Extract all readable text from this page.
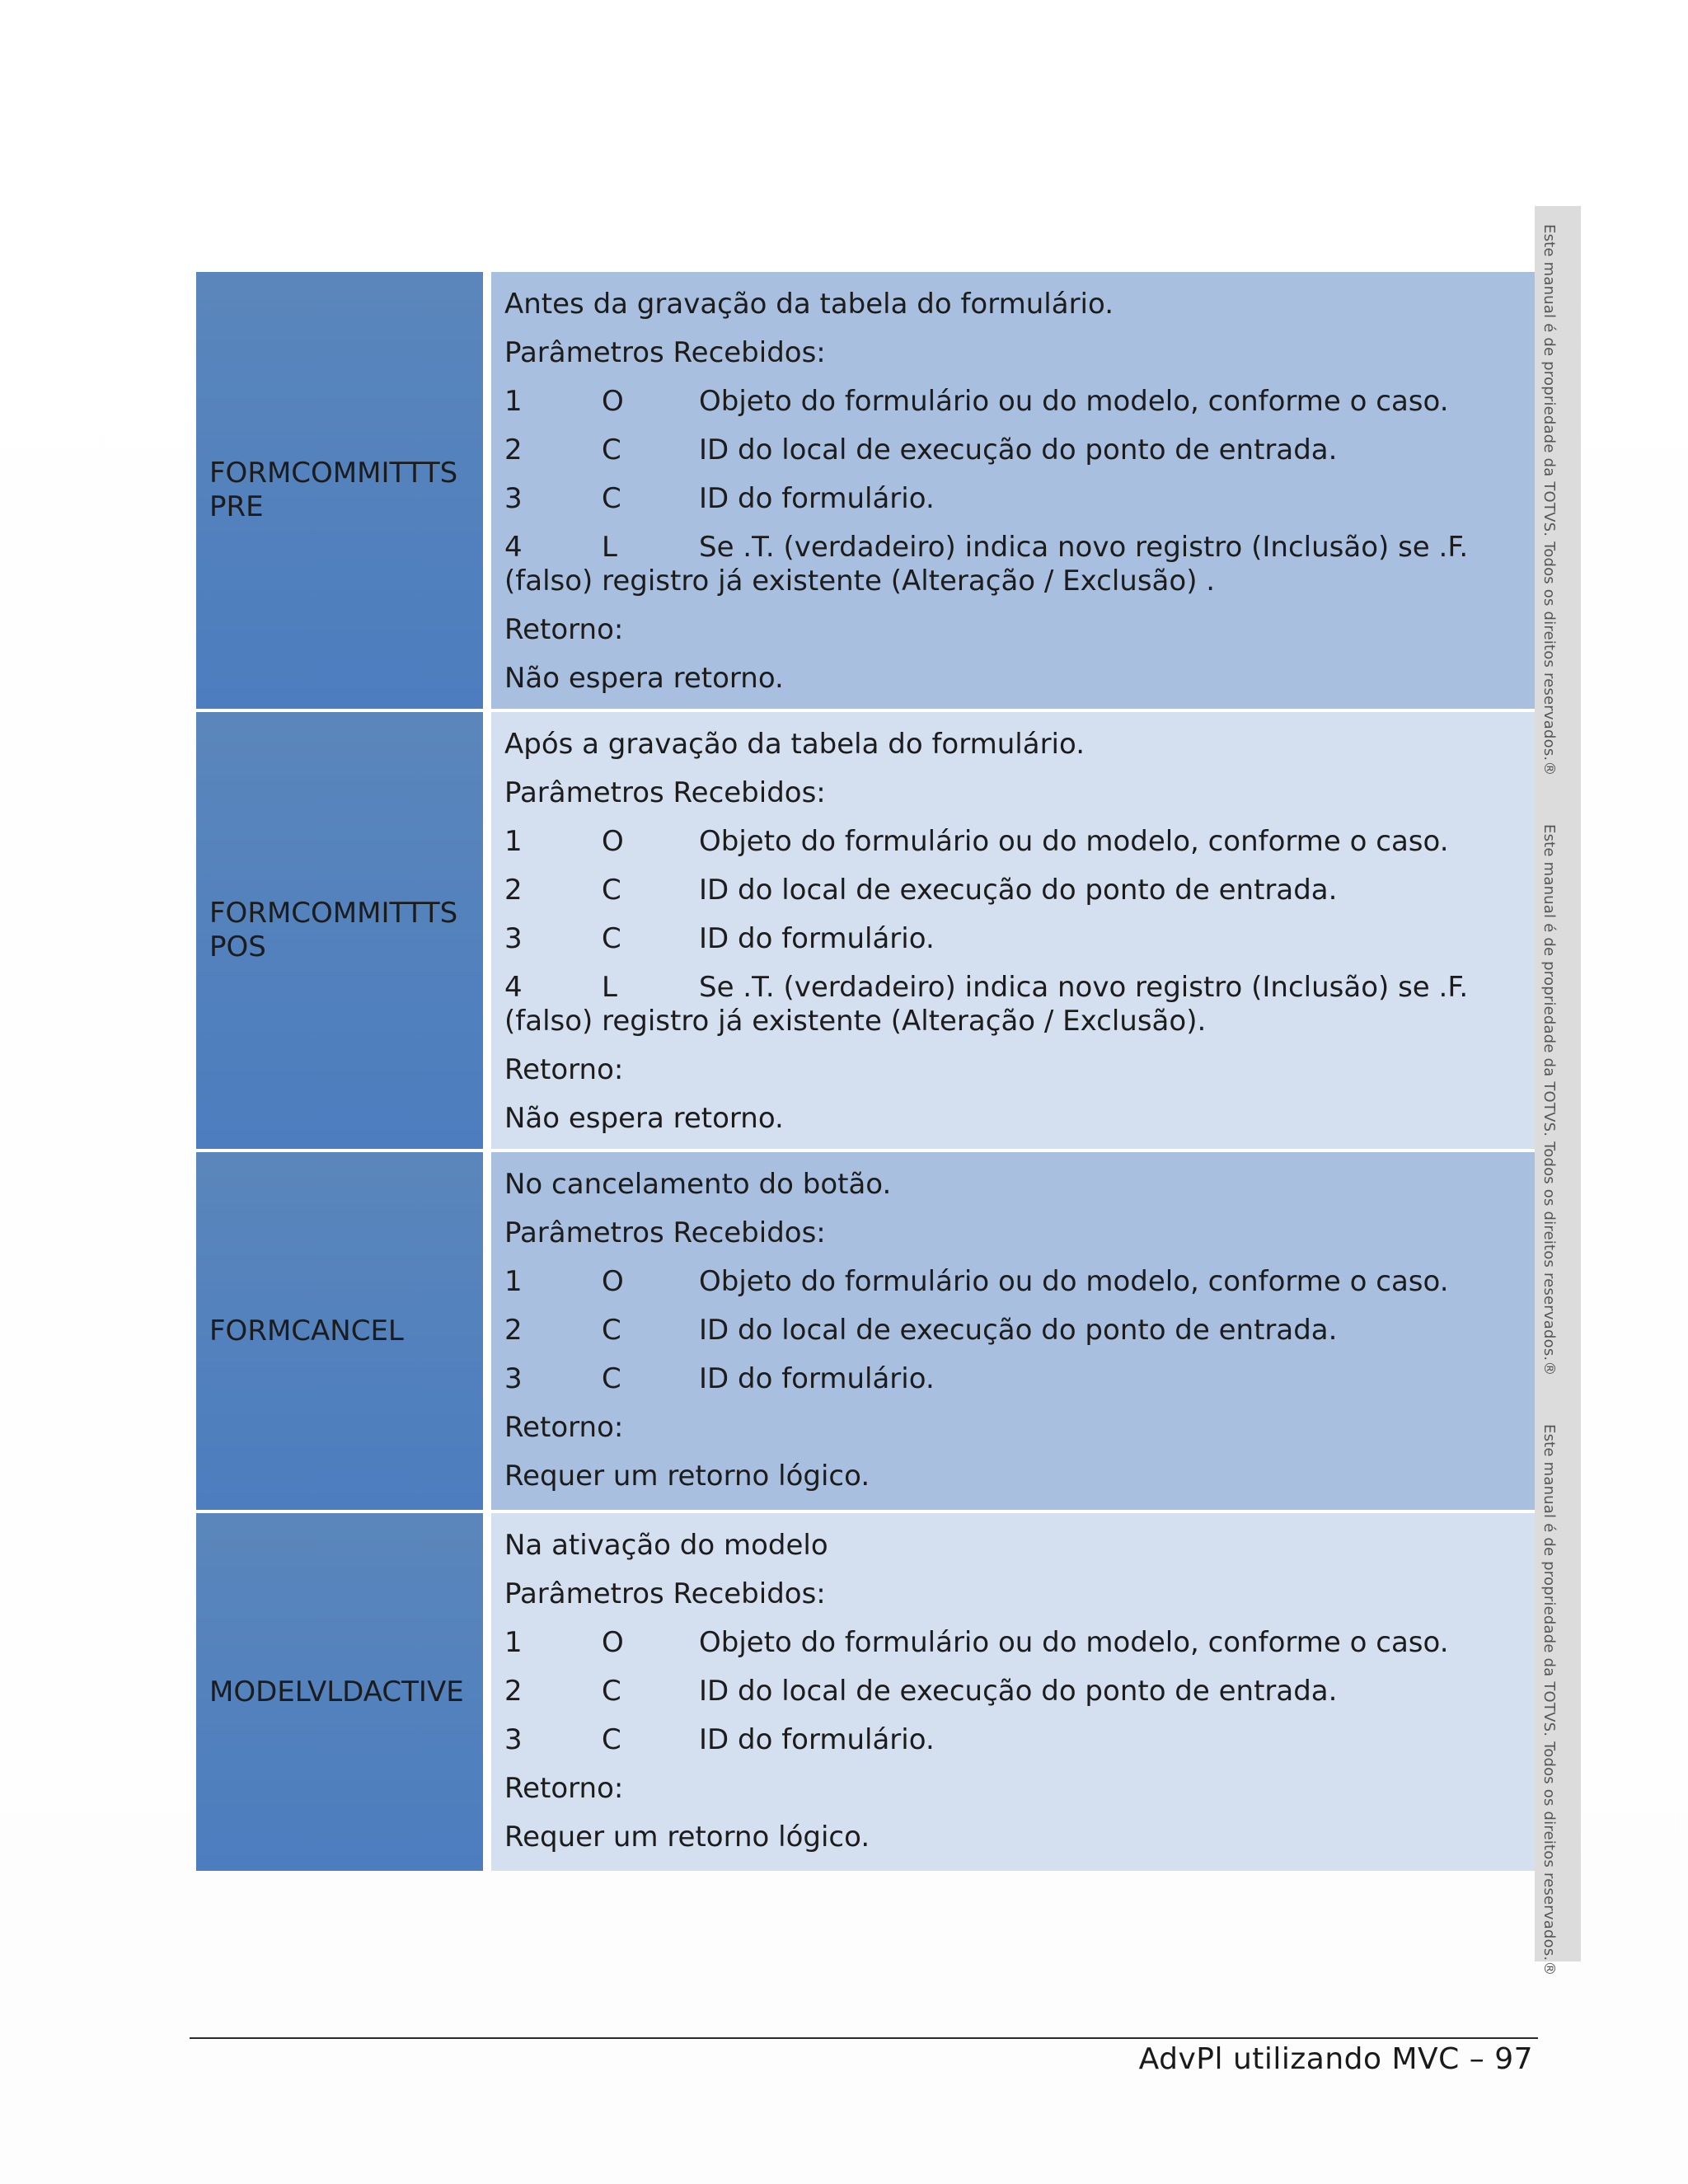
FORMCOMMITTTS PRE

Antes da gravação da tabela do formulário.

Parâmetros Recebidos:

1	O	Objeto do formulário ou do modelo, conforme o caso.
2	C	ID do local de execução do ponto de entrada.
3	C	ID do formulário.
4	L	Se .T. (verdadeiro) indica novo registro (Inclusão) se .F. (falso) registro já existente (Alteração / Exclusão) .

Retorno:

Não espera retorno.

FORMCOMMITTTS POS

Após a gravação da tabela do formulário.

Parâmetros Recebidos:

1	O	Objeto do formulário ou do modelo, conforme o caso.
2	C	ID do local de execução do ponto de entrada.
3	C	ID do formulário.
4	L	Se .T. (verdadeiro) indica novo registro (Inclusão) se .F. (falso) registro já existente (Alteração / Exclusão).

Retorno:

Não espera retorno.

FORMCANCEL

No cancelamento do botão.

Parâmetros Recebidos:

1	O	Objeto do formulário ou do modelo, conforme o caso.
2	C	ID do local de execução do ponto de entrada.
3	C	ID do formulário.

Retorno:

Requer um retorno lógico.

MODELVLDACTIVE

Na ativação do modelo

Parâmetros Recebidos:

1	O	Objeto do formulário ou do modelo, conforme o caso.
2	C	ID do local de execução do ponto de entrada.
3	C	ID do formulário.

Retorno:

Requer um retorno lógico.

Este manual é de propriedade da TOTVS. Todos os direitos reservados.®
Este manual é de propriedade da TOTVS. Todos os direitos reservados.®
Este manual é de propriedade da TOTVS. Todos os direitos reservados.®
AdvPl utilizando MVC – 97
